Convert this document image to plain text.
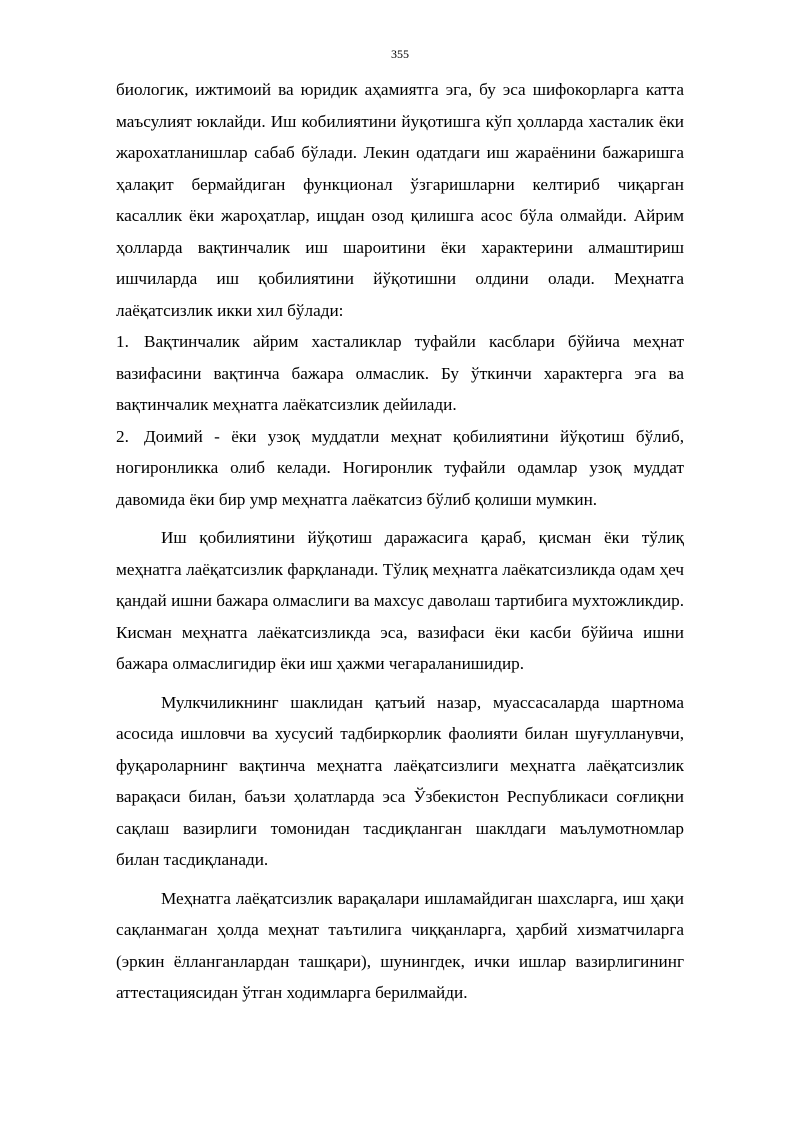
355

биологик, ижтимоий ва юридик аҳамиятга эга, бу эса шифокорларга катта маъсулият юклайди. Иш кобилиятини йуқотишга кўп ҳолларда хасталик ёки жарохатланишлар сабаб бўлади. Лекин одатдаги иш жараёнини бажаришга ҳалақит бермайдиган функционал ўзгаришларни келтириб чиқарган касаллик ёки жароҳатлар, ищдан озод қилишга асос бўла олмайди. Айрим ҳолларда вақтинчалик иш шароитини ёки характерини алмаштириш ишчиларда иш қобилиятини йўқотишни олдини олади. Меҳнатга лаёқатсизлик икки хил бўлади:

1. Вақтинчалик айрим хасталиклар туфайли касблари бўйича меҳнат вазифасини вақтинча бажара олмаслик. Бу ўткинчи характерга эга ва вақтинчалик меҳнатга лаёкатсизлик дейилади.

2. Доимий - ёки узоқ муддатли меҳнат қобилиятини йўқотиш бўлиб, ногиронликка олиб келади. Ногиронлик туфайли одамлар узоқ муддат давомида ёки бир умр меҳнатга лаёкатсиз бўлиб қолиши мумкин.

Иш қобилиятини йўқотиш даражасига қараб, қисман ёки тўлиқ меҳнатга лаёқатсизлик фарқланади. Тўлиқ меҳнатга лаёкатсизликда одам ҳеч қандай ишни бажара олмаслиги ва махсус даволаш тартибига мухтожликдир. Кисман меҳнатга лаёкатсизликда эса, вазифаси ёки касби бўйича ишни бажара олмаслигидир ёки иш ҳажми чегараланишидир.

Мулкчиликнинг шаклидан қатъий назар, муассасаларда шартнома асосида ишловчи ва хусусий тадбиркорлик фаолияти билан шуғулланувчи, фуқароларнинг вақтинча меҳнатга лаёқатсизлиги меҳнатга лаёқатсизлик варақаси билан, баъзи ҳолатларда эса Ўзбекистон Республикаси соғлиқни сақлаш вазирлиги томонидан тасдиқланган шаклдаги маълумотномлар билан тасдиқланади.

Меҳнатга лаёқатсизлик варақалари ишламайдиган шахсларга, иш ҳақи сақланмаган ҳолда меҳнат таътилига чиққанларга, ҳарбий хизматчиларга (эркин ёлланганлардан ташқари), шунингдек, ички ишлар вазирлигининг аттестациясидан ўтган ходимларга берилмайди.
